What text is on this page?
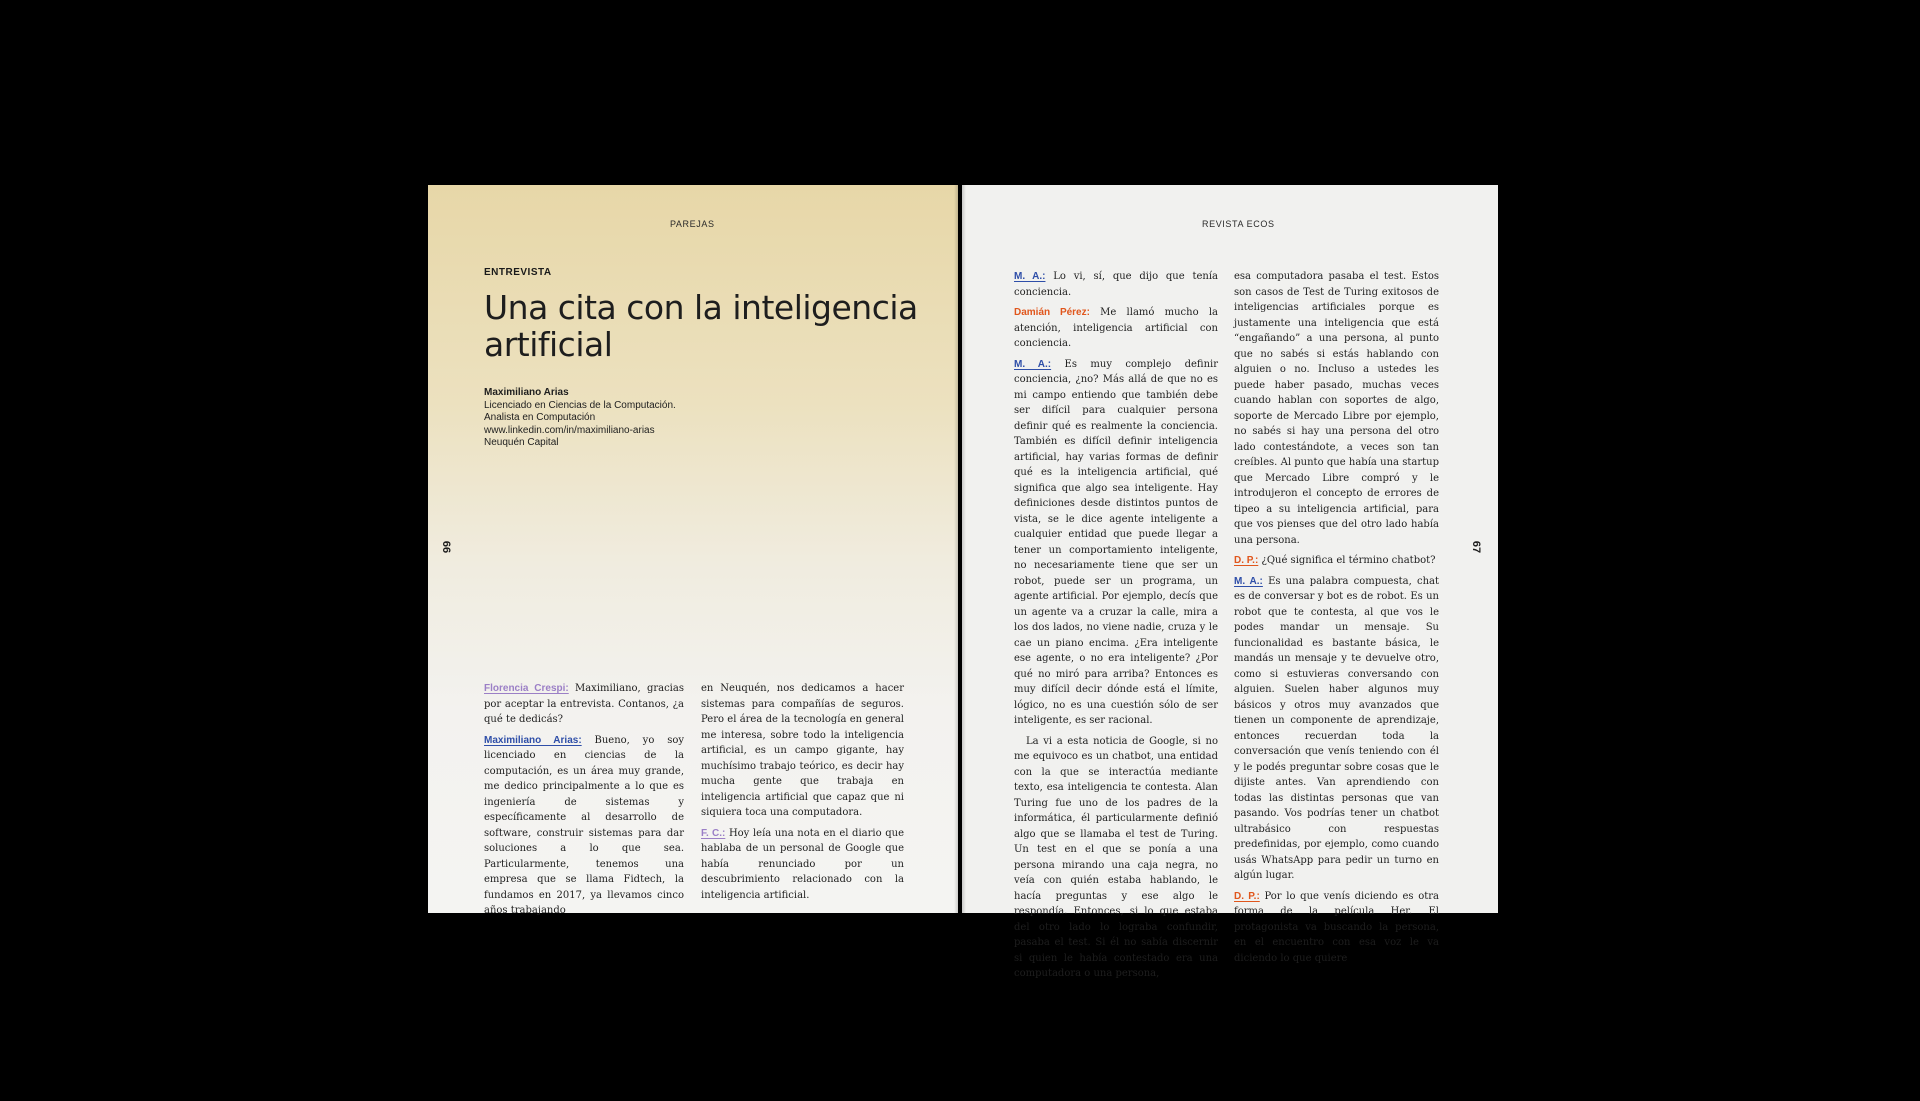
PAREJAS
66
ENTREVISTA
Una cita con la inteligencia artificial
Maximiliano Arias
Licenciado en Ciencias de la Computación.
Analista en Computación
www.linkedin.com/in/maximiliano-arias
Neuquén Capital

Florencia Crespi: Maximiliano, gracias por aceptar la entrevista. Contanos, ¿a qué te dedicás?

Maximiliano Arias: Bueno, yo soy licenciado en ciencias de la computación, es un área muy grande, me dedico principalmente a lo que es ingeniería de sistemas y específicamente al desarrollo de software, construir sistemas para dar soluciones a lo que sea. Particularmente, tenemos una empresa que se llama Fidtech, la fundamos en 2017, ya llevamos cinco años trabajando

en Neuquén, nos dedicamos a hacer sistemas para compañías de seguros. Pero el área de la tecnología en general me interesa, sobre todo la inteligencia artificial, es un campo gigante, hay muchísimo trabajo teórico, es decir hay mucha gente que trabaja en inteligencia artificial que capaz que ni siquiera toca una computadora.

F. C.: Hoy leía una nota en el diario que hablaba de un personal de Google que había renunciado por un descubrimiento relacionado con la inteligencia artificial.

REVISTA ECOS
67

M. A.: Lo vi, sí, que dijo que tenía conciencia.

Damián Pérez: Me llamó mucho la atención, inteligencia artificial con conciencia.

M. A.: Es muy complejo definir conciencia, ¿no? Más allá de que no es mi campo entiendo que también debe ser difícil para cualquier persona definir qué es realmente la conciencia. También es difícil definir inteligencia artificial, hay varias formas de definir qué es la inteligencia artificial, qué significa que algo sea inteligente. Hay definiciones desde distintos puntos de vista, se le dice agente inteligente a cualquier entidad que puede llegar a tener un comportamiento inteligente, no necesariamente tiene que ser un robot, puede ser un programa, un agente artificial. Por ejemplo, decís que un agente va a cruzar la calle, mira a los dos lados, no viene nadie, cruza y le cae un piano encima. ¿Era inteligente ese agente, o no era inteligente? ¿Por qué no miró para arriba? Entonces es muy difícil decir dónde está el límite, lógico, no es una cuestión sólo de ser inteligente, es ser racional.

La vi a esta noticia de Google, si no me equivoco es un chatbot, una entidad con la que se interactúa mediante texto, esa inteligencia te contesta. Alan Turing fue uno de los padres de la informática, él particularmente definió algo que se llamaba el test de Turing. Un test en el que se ponía a una persona mirando una caja negra, no veía con quién estaba hablando, le hacía preguntas y ese algo le respondía. Entonces, si lo que estaba del otro lado lo lograba confundir, pasaba el test. Si él no sabía discernir si quien le había contestado era una computadora o una persona,

esa computadora pasaba el test. Estos son casos de Test de Turing exitosos de inteligencias artificiales porque es justamente una inteligencia que está “engañando” a una persona, al punto que no sabés si estás hablando con alguien o no. Incluso a ustedes les puede haber pasado, muchas veces cuando hablan con soportes de algo, soporte de Mercado Libre por ejemplo, no sabés si hay una persona del otro lado contestándote, a veces son tan creíbles. Al punto que había una startup que Mercado Libre compró y le introdujeron el concepto de errores de tipeo a su inteligencia artificial, para que vos pienses que del otro lado había una persona.

D. P.: ¿Qué significa el término chatbot?

M. A.: Es una palabra compuesta, chat es de conversar y bot es de robot. Es un robot que te contesta, al que vos le podes mandar un mensaje. Su funcionalidad es bastante básica, le mandás un mensaje y te devuelve otro, como si estuvieras conversando con alguien. Suelen haber algunos muy básicos y otros muy avanzados que tienen un componente de aprendizaje, entonces recuerdan toda la conversación que venís teniendo con él y le podés preguntar sobre cosas que le dijiste antes. Van aprendiendo con todas las distintas personas que van pasando. Vos podrías tener un chatbot ultrabásico con respuestas predefinidas, por ejemplo, como cuando usás WhatsApp para pedir un turno en algún lugar.

D. P.: Por lo que venís diciendo es otra forma de la película Her. El protagonista va buscando la persona, en el encuentro con esa voz le va diciendo lo que quiere
